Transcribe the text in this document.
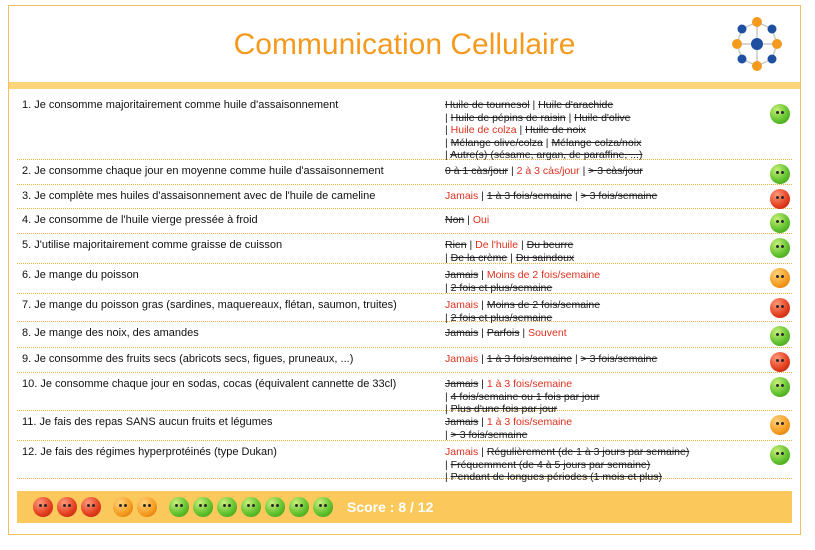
Communication Cellulaire
1. Je consomme majoritairement comme huile d'assaisonnement	Huile de tournesol | Huile d'arachide
| Huile de pépins de raisin | Huile d'olive
| Huile de colza | Huile de noix
| Mélange olive/colza | Mélange colza/noix
| Autre(s) (sésame, argan, de paraffine, ...)
2. Je consomme chaque jour en moyenne comme huile d'assaisonnement	0 à 1 càs/jour | 2 à 3 càs/jour | > 3 càs/jour
3. Je complète mes huiles d'assaisonnement avec de l'huile de cameline	Jamais | 1 à 3 fois/semaine | > 3 fois/semaine
4. Je consomme de l'huile vierge pressée à froid	Non | Oui
5. J'utilise majoritairement comme graisse de cuisson	Rien | De l'huile | Du beurre
| De la crème | Du saindoux
6. Je mange du poisson	Jamais | Moins de 2 fois/semaine
| 2 fois et plus/semaine
7. Je mange du poisson gras (sardines, maquereaux, flétan, saumon, truites)	Jamais | Moins de 2 fois/semaine
| 2 fois et plus/semaine
8. Je mange des noix, des amandes	Jamais | Parfois | Souvent
9. Je consomme des fruits secs (abricots secs, figues, pruneaux, ...)	Jamais | 1 à 3 fois/semaine | > 3 fois/semaine
10. Je consomme chaque jour en sodas, cocas (équivalent cannette de 33cl)	Jamais | 1 à 3 fois/semaine
| 4 fois/semaine ou 1 fois par jour
| Plus d'une fois par jour
11. Je fais des repas SANS aucun fruits et légumes	Jamais | 1 à 3 fois/semaine
| > 3 fois/semaine
12. Je fais des régimes hyperprotéinés (type Dukan)	Jamais | Régulièrement (de 1 à 3 jours par semaine)
| Fréquemment (de 4 à 5 jours par semaine)
| Pendant de longues périodes (1 mois et plus)
Score : 8 / 12
